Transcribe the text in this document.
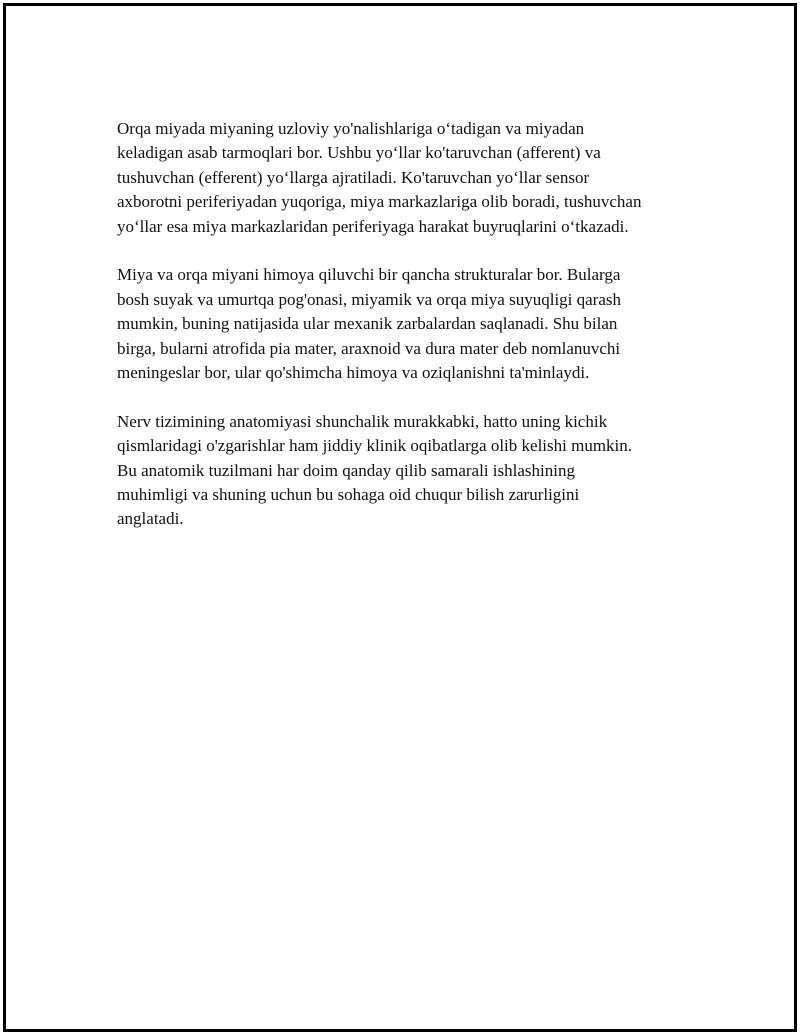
Orqa miyada miyaning uzloviy yo'nalishlariga o‘tadigan va miyadan
keladigan asab tarmoqlari bor. Ushbu yo‘llar ko'taruvchan (afferent) va
tushuvchan (efferent) yo‘llarga ajratiladi. Ko'taruvchan yo‘llar sensor
axborotni periferiyadan yuqoriga, miya markazlariga olib boradi, tushuvchan
yo‘llar esa miya markazlaridan periferiyaga harakat buyruqlarini o‘tkazadi.

Miya va orqa miyani himoya qiluvchi bir qancha strukturalar bor. Bularga
bosh suyak va umurtqa pog'onasi, miyamik va orqa miya suyuqligi qarash
mumkin, buning natijasida ular mexanik zarbalardan saqlanadi. Shu bilan
birga, bularni atrofida pia mater, araxnoid va dura mater deb nomlanuvchi
meningeslar bor, ular qo'shimcha himoya va oziqlanishni ta'minlaydi.

Nerv tizimining anatomiyasi shunchalik murakkabki, hatto uning kichik
qismlaridagi o'zgarishlar ham jiddiy klinik oqibatlarga olib kelishi mumkin.
Bu anatomik tuzilmani har doim qanday qilib samarali ishlashining
muhimligi va shuning uchun bu sohaga oid chuqur bilish zarurligini
anglatadi.
